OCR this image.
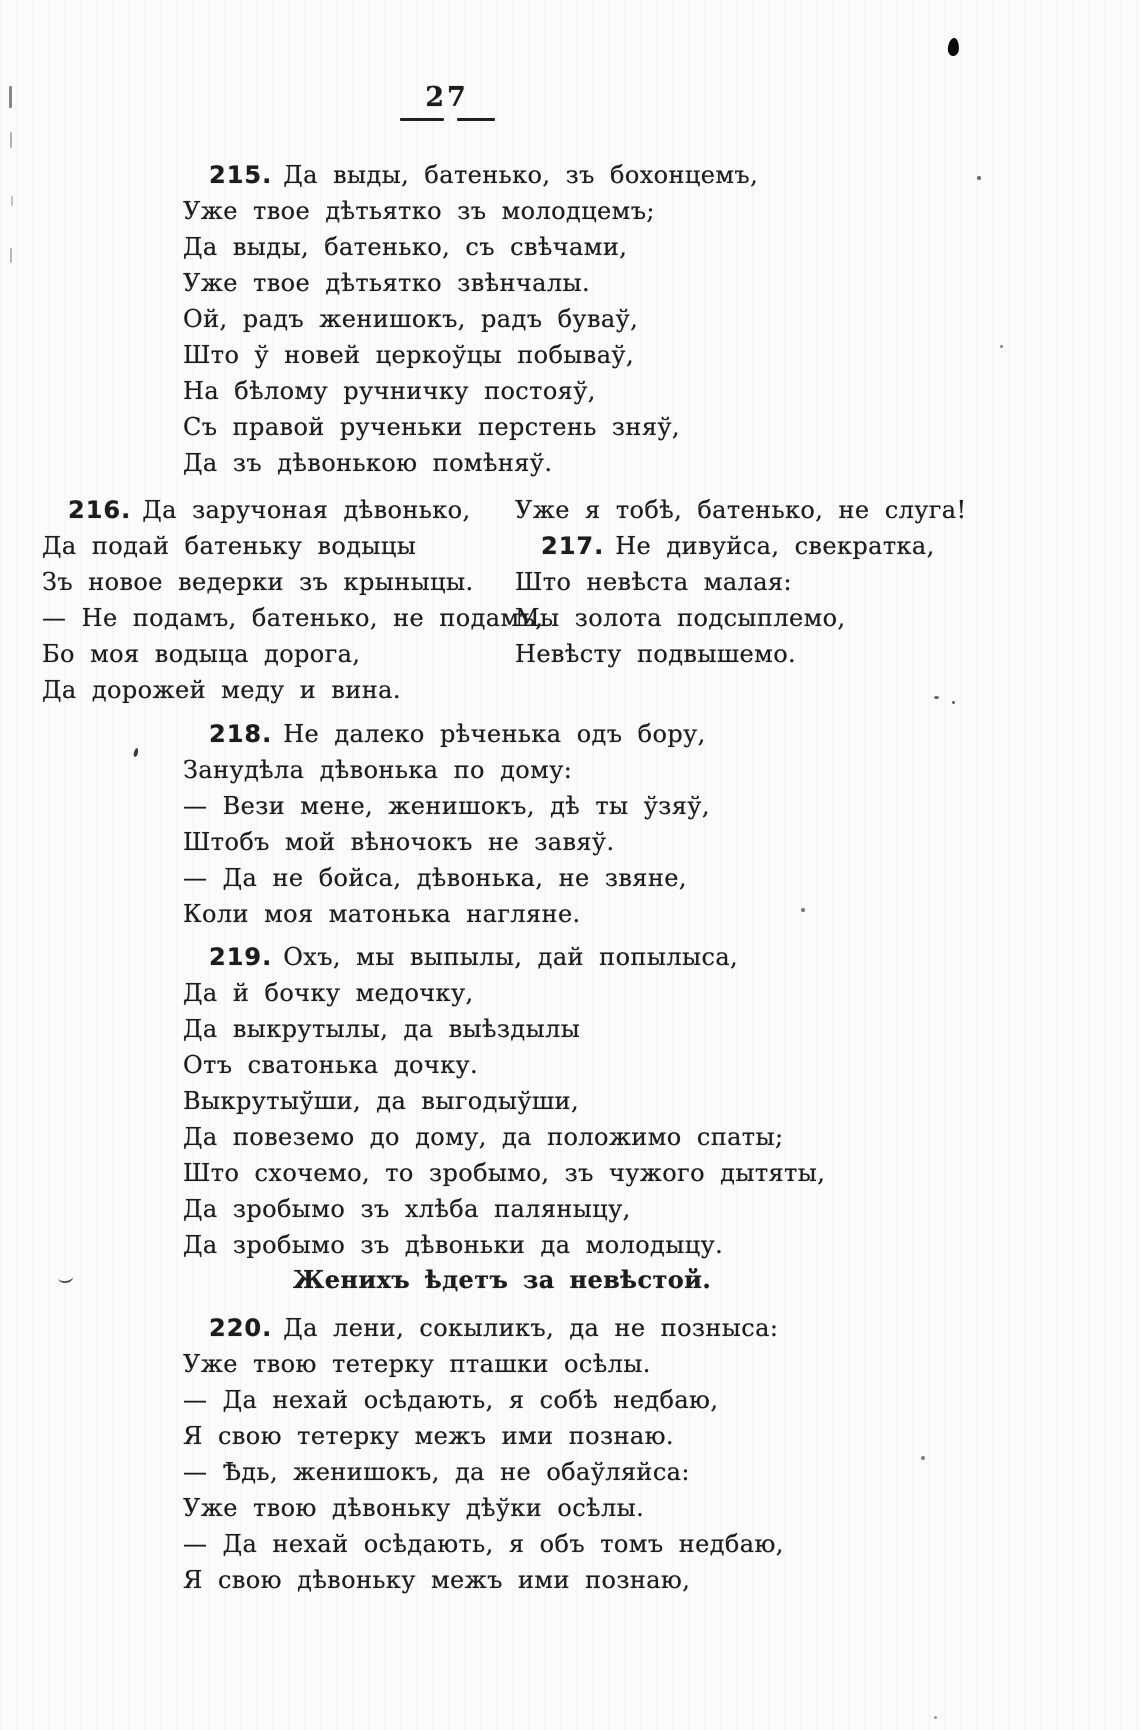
27

215. Да выды, батенько, зъ бохонцемъ,

Уже твое дѣтьятко зъ молодцемъ;

Да выды, батенько, съ свѣчами,

Уже твое дѣтьятко звѣнчалы.

Ой, радъ женишокъ, радъ буваў,

Што ў новей церкоўцы побываў,

На бѣлому ручничку постояў,

Съ правой рученьки перстень зняў,

Да зъ дѣвонькою помѣняў.

216. Да заручоная дѣвонько,

Да подай батеньку водыцы

Зъ новое ведерки зъ крыныцы.

— Не подамъ, батенько, не подамъ,

Бо моя водыца дорога,

Да дорожей меду и вина.

Уже я тобѣ, батенько, не слуга!

217. Не дивуйса, свекратка,

Што невѣста малая:

Мы золота подсыплемо,

Невѣсту подвышемо.

218. Не далеко рѣченька одъ бору,

Занудѣла дѣвонька по дому:

— Вези мене, женишокъ, дѣ ты ўзяў,

Штобъ мой вѣночокъ не завяў.

— Да не бойса, дѣвонька, не звяне,

Коли моя матонька нагляне.

219. Охъ, мы выпылы, дай попылыса,

Да й бочку медочку,

Да выкрутылы, да выѣздылы

Отъ сватонька дочку.

Выкрутыўши, да выгодыўши,

Да повеземо до дому, да положимо спаты;

Што схочемо, то зробымо, зъ чужого дытяты,

Да зробымо зъ хлѣба паляныцу,

Да зробымо зъ дѣвоньки да молодыцу.

Женихъ ѣдетъ за невѣстой.

220. Да лени, сокыликъ, да не позныса:

Уже твою тетерку пташки осѣлы.

— Да нехай осѣдають, я собѣ недбаю,

Я свою тетерку межъ ими познаю.

— Ѣдь, женишокъ, да не обаўляйса:

Уже твою дѣвоньку дѣўки осѣлы.

— Да нехай осѣдають, я объ томъ недбаю,

Я свою дѣвоньку межъ ими познаю,
